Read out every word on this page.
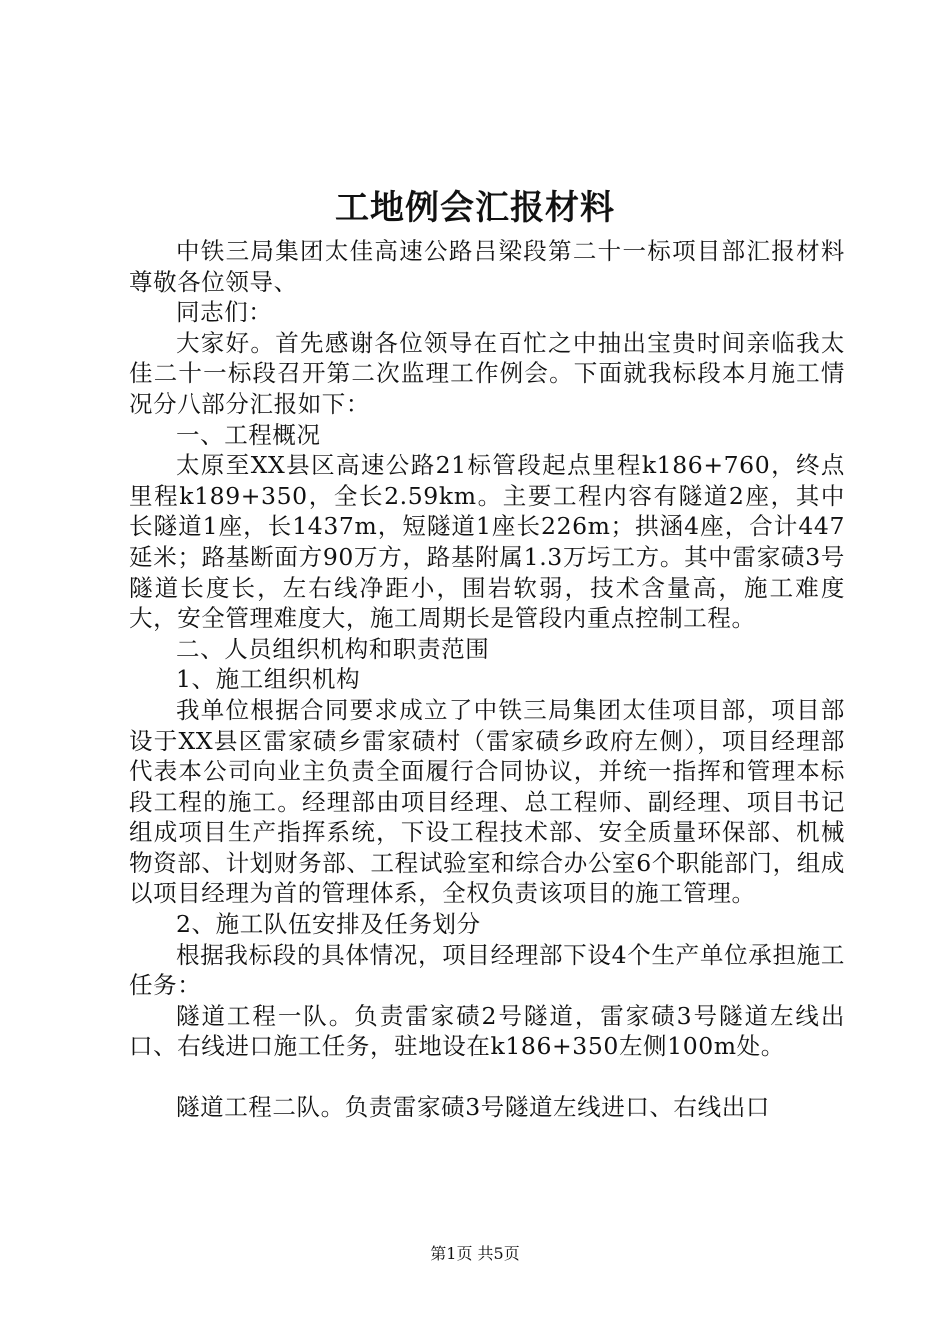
工地例会汇报材料

中铁三局集团太佳高速公路吕梁段第二十一标项目部汇报材料尊敬各位领导、

同志们：

大家好。首先感谢各位领导在百忙之中抽出宝贵时间亲临我太佳二十一标段召开第二次监理工作例会。下面就我标段本月施工情况分八部分汇报如下：

一、工程概况

太原至XX县区高速公路21标管段起点里程k186+760，终点里程k189+350，全长2.59km。主要工程内容有隧道2座，其中长隧道1座，长1437m，短隧道1座长226m；拱涵4座，合计447延米；路基断面方90万方，路基附属1.3万圬工方。其中雷家碛3号隧道长度长，左右线净距小，围岩软弱，技术含量高，施工难度大，安全管理难度大，施工周期长是管段内重点控制工程。

二、人员组织机构和职责范围

1、施工组织机构

我单位根据合同要求成立了中铁三局集团太佳项目部，项目部设于XX县区雷家碛乡雷家碛村（雷家碛乡政府左侧），项目经理部代表本公司向业主负责全面履行合同协议，并统一指挥和管理本标段工程的施工。经理部由项目经理、总工程师、副经理、项目书记组成项目生产指挥系统，下设工程技术部、安全质量环保部、机械物资部、计划财务部、工程试验室和综合办公室6个职能部门，组成以项目经理为首的管理体系，全权负责该项目的施工管理。

2、施工队伍安排及任务划分

根据我标段的具体情况，项目经理部下设4个生产单位承担施工任务：

隧道工程一队。负责雷家碛2号隧道，雷家碛3号隧道左线出口、右线进口施工任务，驻地设在k186+350左侧100m处。

隧道工程二队。负责雷家碛3号隧道左线进口、右线出口

第1页 共5页
